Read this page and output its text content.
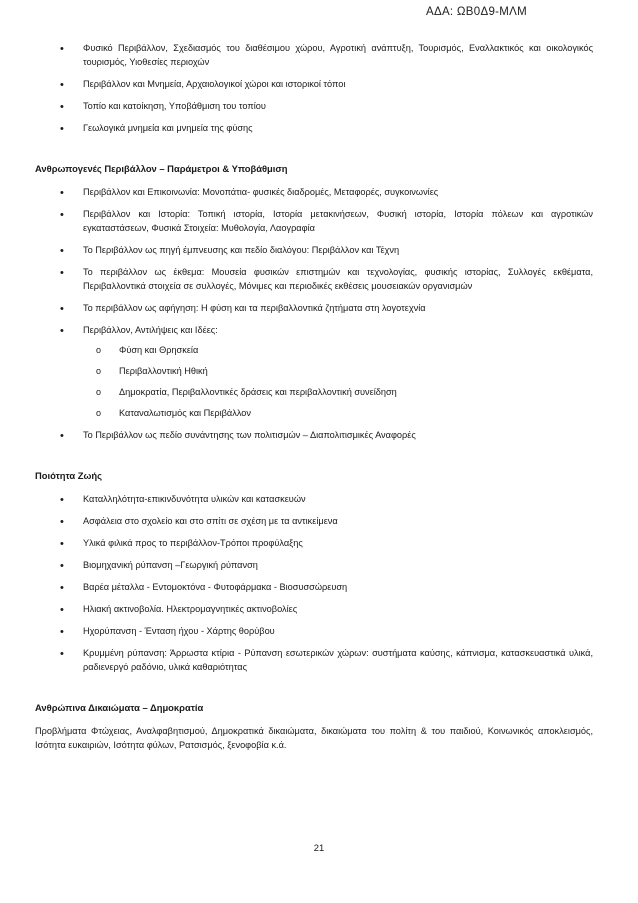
ΑΔΑ: ΩΒ0Δ9-ΜΛΜ
• Φυσικό Περιβάλλον, Σχεδιασμός του διαθέσιμου χώρου, Αγροτική ανάπτυξη, Τουρισμός, Εναλλακτικός και οικολογικός τουρισμός, Υιοθεσίες περιοχών
• Περιβάλλον και Μνημεία, Αρχαιολογικοί χώροι και ιστορικοί τόποι
• Τοπίο και κατοίκηση, Υποβάθμιση του τοπίου
• Γεωλογικά μνημεία και μνημεία της φύσης
Ανθρωπογενές Περιβάλλον – Παράμετροι & Υποβάθμιση
• Περιβάλλον και Επικοινωνία: Μονοπάτια- φυσικές διαδρομές, Μεταφορές, συγκοινωνίες
• Περιβάλλον και Ιστορία: Τοπική ιστορία, Ιστορία μετακινήσεων, Φυσική ιστορία, Ιστορία πόλεων και αγροτικών εγκαταστάσεων, Φυσικά Στοιχεία: Μυθολογία, Λαογραφία
• Το Περιβάλλον ως πηγή έμπνευσης και πεδίο διαλόγου: Περιβάλλον και Τέχνη
• Το περιβάλλον ως έκθεμα: Μουσεία φυσικών επιστημών και τεχνολογίας, φυσικής ιστορίας, Συλλογές εκθέματα, Περιβαλλοντικά στοιχεία σε συλλογές, Μόνιμες και περιοδικές εκθέσεις μουσειακών οργανισμών
• Το περιβάλλον ως αφήγηση: Η φύση και τα περιβαλλοντικά ζητήματα στη λογοτεχνία
• Περιβάλλον, Αντιλήψεις και Ιδέες:
o Φύση και Θρησκεία
o Περιβαλλοντική Ηθική
o Δημοκρατία, Περιβαλλοντικές δράσεις και περιβαλλοντική συνείδηση
o Καταναλωτισμός και Περιβάλλον
• Το Περιβάλλον ως πεδίο συνάντησης των πολιτισμών – Διαπολιτισμικές Αναφορές
Ποιότητα Ζωής
• Καταλληλότητα-επικινδυνότητα υλικών και κατασκευών
• Ασφάλεια στο σχολείο και στο σπίτι σε σχέση με τα αντικείμενα
• Υλικά φιλικά προς το περιβάλλον-Τρόποι προφύλαξης
• Βιομηχανική ρύπανση –Γεωργική ρύπανση
• Βαρέα μέταλλα - Εντομοκτόνα - Φυτοφάρμακα - Βιοσυσσώρευση
• Ηλιακή ακτινοβολία. Ηλεκτρομαγνητικές ακτινοβολίες
• Ηχορύπανση - Ένταση ήχου - Χάρτης θορύβου
• Κρυμμένη ρύπανση: Άρρωστα κτίρια - Ρύπανση εσωτερικών χώρων: συστήματα καύσης, κάπνισμα, κατασκευαστικά υλικά, ραδιενεργό ραδόνιο, υλικά καθαριότητας
Ανθρώπινα Δικαιώματα – Δημοκρατία

Προβλήματα Φτώχειας, Αναλφαβητισμού, Δημοκρατικά δικαιώματα, δικαιώματα του πολίτη & του παιδιού, Κοινωνικός αποκλεισμός, Ισότητα ευκαιριών, Ισότητα φύλων, Ρατσισμός, ξενοφοβία κ.ά.

21
